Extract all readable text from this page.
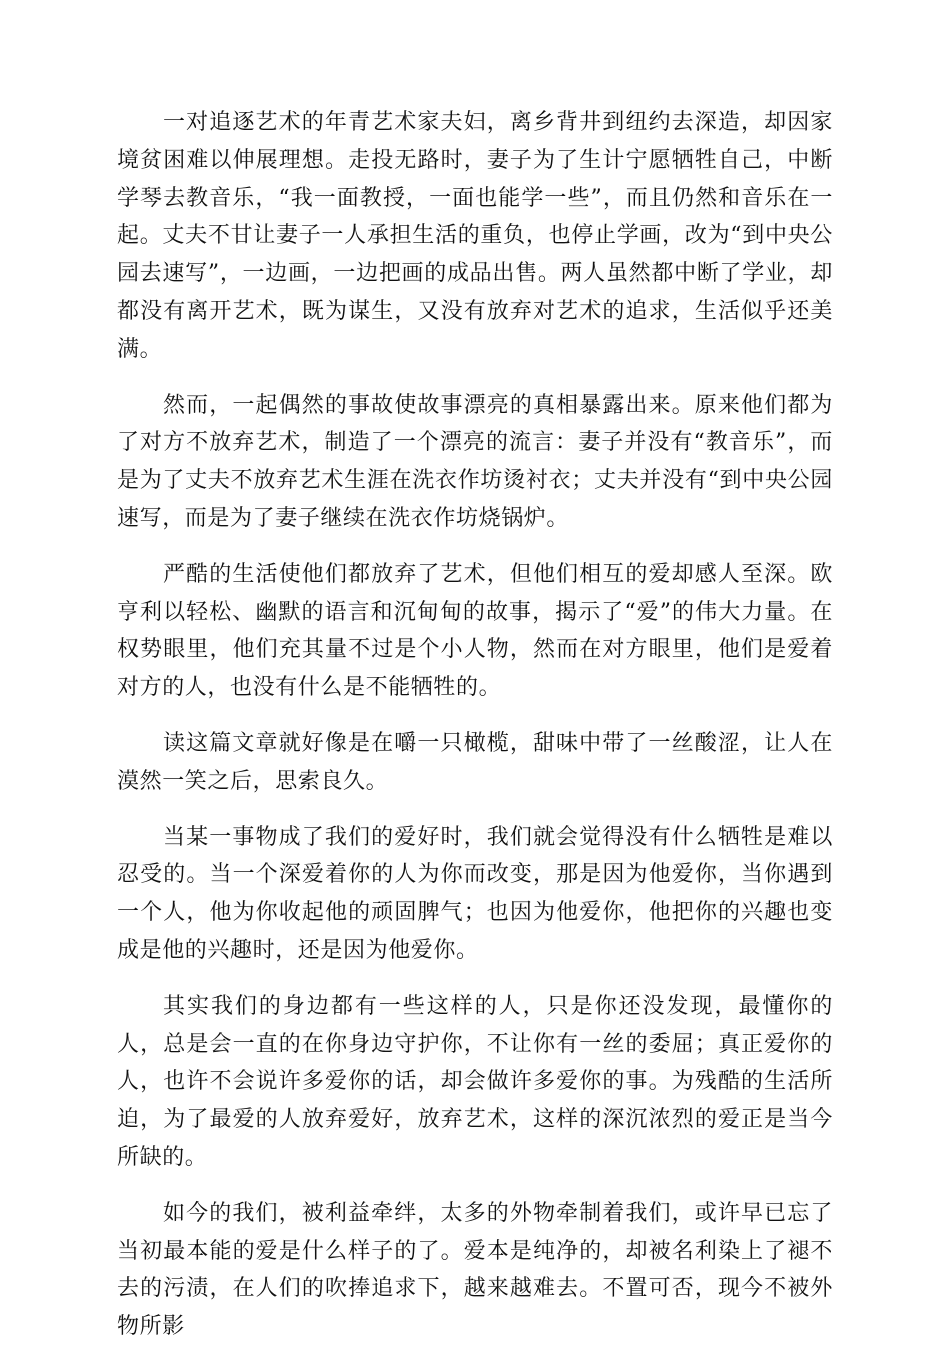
一对追逐艺术的年青艺术家夫妇，离乡背井到纽约去深造，却因家境贫困难以伸展理想。走投无路时，妻子为了生计宁愿牺牲自己，中断学琴去教音乐，“我一面教授，一面也能学一些”，而且仍然和音乐在一起。丈夫不甘让妻子一人承担生活的重负，也停止学画，改为“到中央公园去速写”，一边画，一边把画的成品出售。两人虽然都中断了学业，却都没有离开艺术，既为谋生，又没有放弃对艺术的追求，生活似乎还美满。

然而，一起偶然的事故使故事漂亮的真相暴露出来。原来他们都为了对方不放弃艺术，制造了一个漂亮的流言：妻子并没有“教音乐”，而是为了丈夫不放弃艺术生涯在洗衣作坊烫衬衣；丈夫并没有“到中央公园速写，而是为了妻子继续在洗衣作坊烧锅炉。

严酷的生活使他们都放弃了艺术，但他们相互的爱却感人至深。欧亨利以轻松、幽默的语言和沉甸甸的故事，揭示了“爱”的伟大力量。在权势眼里，他们充其量不过是个小人物，然而在对方眼里，他们是爱着对方的人，也没有什么是不能牺牲的。

读这篇文章就好像是在嚼一只橄榄，甜味中带了一丝酸涩，让人在漠然一笑之后，思索良久。

当某一事物成了我们的爱好时，我们就会觉得没有什么牺牲是难以忍受的。当一个深爱着你的人为你而改变，那是因为他爱你，当你遇到一个人，他为你收起他的顽固脾气；也因为他爱你，他把你的兴趣也变成是他的兴趣时，还是因为他爱你。

其实我们的身边都有一些这样的人，只是你还没发现，最懂你的人，总是会一直的在你身边守护你，不让你有一丝的委屈；真正爱你的人，也许不会说许多爱你的话，却会做许多爱你的事。为残酷的生活所迫，为了最爱的人放弃爱好，放弃艺术，这样的深沉浓烈的爱正是当今所缺的。

如今的我们，被利益牵绊，太多的外物牵制着我们，或许早已忘了当初最本能的爱是什么样子的了。爱本是纯净的，却被名利染上了褪不去的污渍，在人们的吹捧追求下，越来越难去。不置可否，现今不被外物所影
